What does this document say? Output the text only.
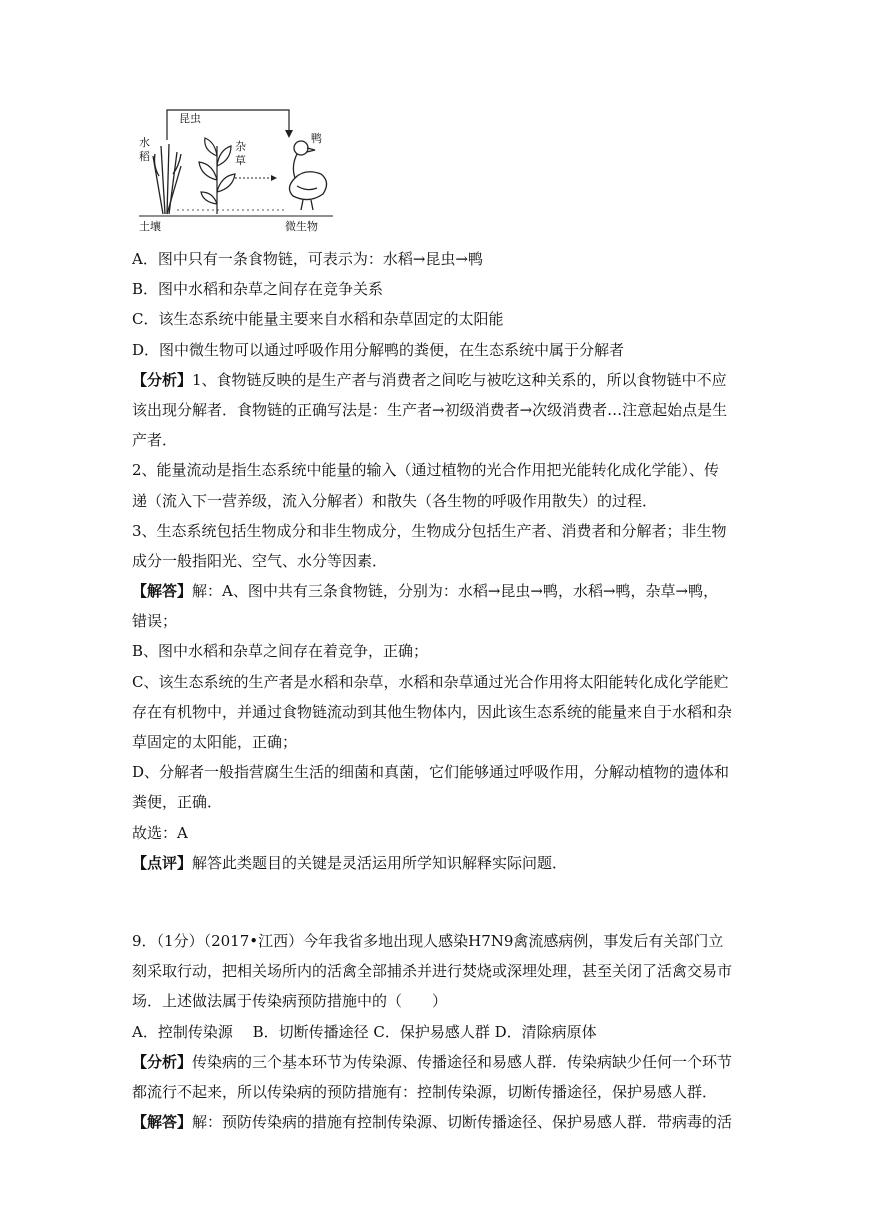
昆虫
水
稻
杂
草
鸭
土壤	微生物
A．图中只有一条食物链，可表示为：水稻→昆虫→鸭
B．图中水稻和杂草之间存在竞争关系
C．该生态系统中能量主要来自水稻和杂草固定的太阳能
D．图中微生物可以通过呼吸作用分解鸭的粪便，在生态系统中属于分解者
【分析】1、食物链反映的是生产者与消费者之间吃与被吃这种关系的，所以食物链中不应
该出现分解者．食物链的正确写法是：生产者→初级消费者→次级消费者…注意起始点是生
产者．
2、能量流动是指生态系统中能量的输入（通过植物的光合作用把光能转化成化学能）、传
递（流入下一营养级，流入分解者）和散失（各生物的呼吸作用散失）的过程．
3、生态系统包括生物成分和非生物成分，生物成分包括生产者、消费者和分解者；非生物
成分一般指阳光、空气、水分等因素．
【解答】解：A、图中共有三条食物链，分别为：水稻→昆虫→鸭，水稻→鸭，杂草→鸭，
错误；
B、图中水稻和杂草之间存在着竞争，正确；
C、该生态系统的生产者是水稻和杂草，水稻和杂草通过光合作用将太阳能转化成化学能贮
存在有机物中，并通过食物链流动到其他生物体内，因此该生态系统的能量来自于水稻和杂
草固定的太阳能，正确；
D、分解者一般指营腐生生活的细菌和真菌，它们能够通过呼吸作用，分解动植物的遗体和
粪便，正确．
故选：A
【点评】解答此类题目的关键是灵活运用所学知识解释实际问题．
9．（1分）（2017•江西）今年我省多地出现人感染H7N9禽流感病例，事发后有关部门立
刻采取行动，把相关场所内的活禽全部捕杀并进行焚烧或深埋处理，甚至关闭了活禽交易市
场．上述做法属于传染病预防措施中的（　　）
A．控制传染源　 B．切断传播途径 C．保护易感人群 D．清除病原体
【分析】传染病的三个基本环节为传染源、传播途径和易感人群．传染病缺少任何一个环节
都流行不起来，所以传染病的预防措施有：控制传染源，切断传播途径，保护易感人群．
【解答】解：预防传染病的措施有控制传染源、切断传播途径、保护易感人群．带病毒的活
